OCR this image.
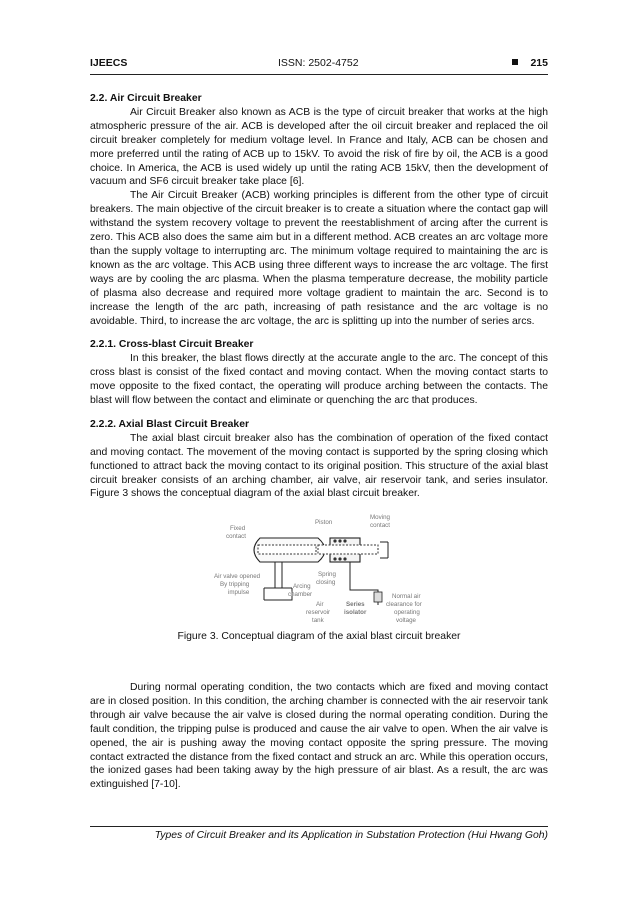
IJEECS	ISSN: 2502-4752	215
2.2. Air Circuit Breaker

Air Circuit Breaker also known as ACB is the type of circuit breaker that works at the high atmospheric pressure of the air. ACB is developed after the oil circuit breaker and replaced the oil circuit breaker completely for medium voltage level. In France and Italy, ACB can be chosen and more preferred until the rating of ACB up to 15kV. To avoid the risk of fire by oil, the ACB is a good choice. In America, the ACB is used widely up until the rating ACB 15kV, then the development of vacuum and SF6 circuit breaker take place [6].

The Air Circuit Breaker (ACB) working principles is different from the other type of circuit breakers. The main objective of the circuit breaker is to create a situation where the contact gap will withstand the system recovery voltage to prevent the reestablishment of arcing after the current is zero. This ACB also does the same aim but in a different method. ACB creates an arc voltage more than the supply voltage to interrupting arc. The minimum voltage required to maintaining the arc is known as the arc voltage. This ACB using three different ways to increase the arc voltage. The first ways are by cooling the arc plasma. When the plasma temperature decrease, the mobility particle of plasma also decrease and required more voltage gradient to maintain the arc. Second is to increase the length of the arc path, increasing of path resistance and the arc voltage is no avoidable. Third, to increase the arc voltage, the arc is splitting up into the number of series arcs.

2.2.1. Cross-blast Circuit Breaker

In this breaker, the blast flows directly at the accurate angle to the arc. The concept of this cross blast is consist of the fixed contact and moving contact. When the moving contact starts to move opposite to the fixed contact, the operating will produce arching between the contacts. The blast will flow between the contact and eliminate or quenching the arc that produces.

2.2.2. Axial Blast Circuit Breaker

The axial blast circuit breaker also has the combination of operation of the fixed contact and moving contact. The movement of the moving contact is supported by the spring closing which functioned to attract back the moving contact to its original position. This structure of the axial blast circuit breaker consists of an arching chamber, air valve, air reservoir tank, and series insulator. Figure 3 shows the conceptual diagram of the axial blast circuit breaker.

Fixed
contact
Piston
Moving
contact
Spring
closing
Air valve opened
By tripping
impulse
Arcing
chamber
Air
reservoir
tank
Series
isolator
Normal air
clearance for
operating
voltage
Figure 3. Conceptual diagram of the axial blast circuit breaker

During normal operating condition, the two contacts which are fixed and moving contact are in closed position. In this condition, the arching chamber is connected with the air reservoir tank through air valve because the air valve is closed during the normal operating condition. During the fault condition, the tripping pulse is produced and cause the air valve to open. When the air valve is opened, the air is pushing away the moving contact opposite the spring pressure. The moving contact extracted the distance from the fixed contact and struck an arc. While this operation occurs, the ionized gases had been taking away by the high pressure of air blast. As a result, the arc was extinguished [7-10].

Types of Circuit Breaker and its Application in Substation Protection (Hui Hwang Goh)
